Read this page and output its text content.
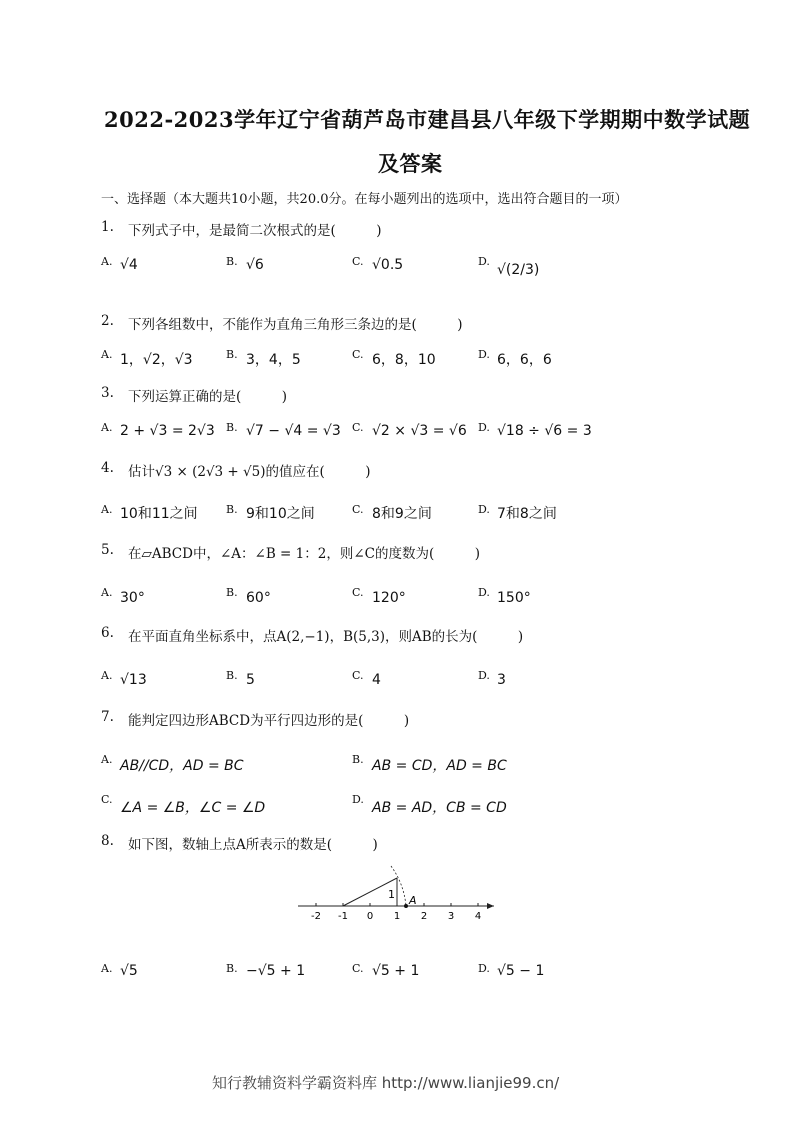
2022-2023学年辽宁省葫芦岛市建昌县八年级下学期期中数学试题
及答案
一、选择题（本大题共10小题，共20.0分。在每小题列出的选项中，选出符合题目的一项）
1. 下列式子中，是最简二次根式的是(　　　)
A. √4	B. √6	C. √0.5	D.
√(2/3)
2. 下列各组数中，不能作为直角三角形三条边的是(　　　)
A. 1，√2，√3	B. 3，4，5	C. 6，8，10	D. 6，6，6
3. 下列运算正确的是(　　　)
A. 2 + √3 = 2√3 B. √7 − √4 = √3 C. √2 × √3 = √6 D. √18 ÷ √6 = 3
4. 估计√3 × (2√3 + √5)的值应在(　　　)
A. 10和11之间	B. 9和10之间	C. 8和9之间	D. 7和8之间
5. 在▱ABCD中，∠A：∠B = 1：2，则∠C的度数为(　　　)
A. 30°	B. 60°	C. 120°	D. 150°
6. 在平面直角坐标系中，点A(2,−1)，B(5,3)，则AB的长为(　　　)
A. √13	B. 5	C. 4	D. 3
7. 能判定四边形ABCD为平行四边形的是(　　　)
A. AB//CD，AD = BC	B. AB = CD，AD = BC
C.
∠A = ∠B，∠C = ∠D
D.
AB = AD，CB = CD
8. 如下图，数轴上点A所表示的数是(　　　)
-2 -1 0 1 2 3 4
1 A
A. √5	B. −√5 + 1	C. √5 + 1	D. √5 − 1
知行教辅资料学霸资料库 http://www.lianjie99.cn/
